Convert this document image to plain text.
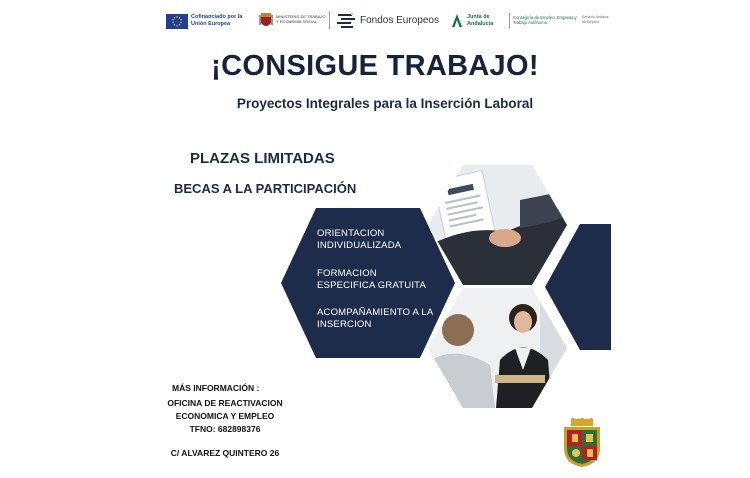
Cofinanciado por la Unión Europea
MINISTERIO DE TRABAJO Y ECONOMÍA SOCIAL	Fondos Europeos	Junta de Andalucía
Consejería de Empleo, Empresa y Trabajo Autónomo
Servicio Andaluz de Empleo
¡CONSIGUE TRABAJO!
Proyectos Integrales para la Inserción Laboral
PLAZAS LIMITADAS
BECAS A LA PARTICIPACIÓN
ORIENTACION INDIVIDUALIZADA
FORMACION ESPECIFICA GRATUITA
ACOMPAÑAMIENTO A LA INSERCION
MÁS INFORMACIÓN :
OFICINA DE REACTIVACION
ECONOMICA Y EMPLEO
TFNO: 682898376
C/ ALVAREZ QUINTERO 26
